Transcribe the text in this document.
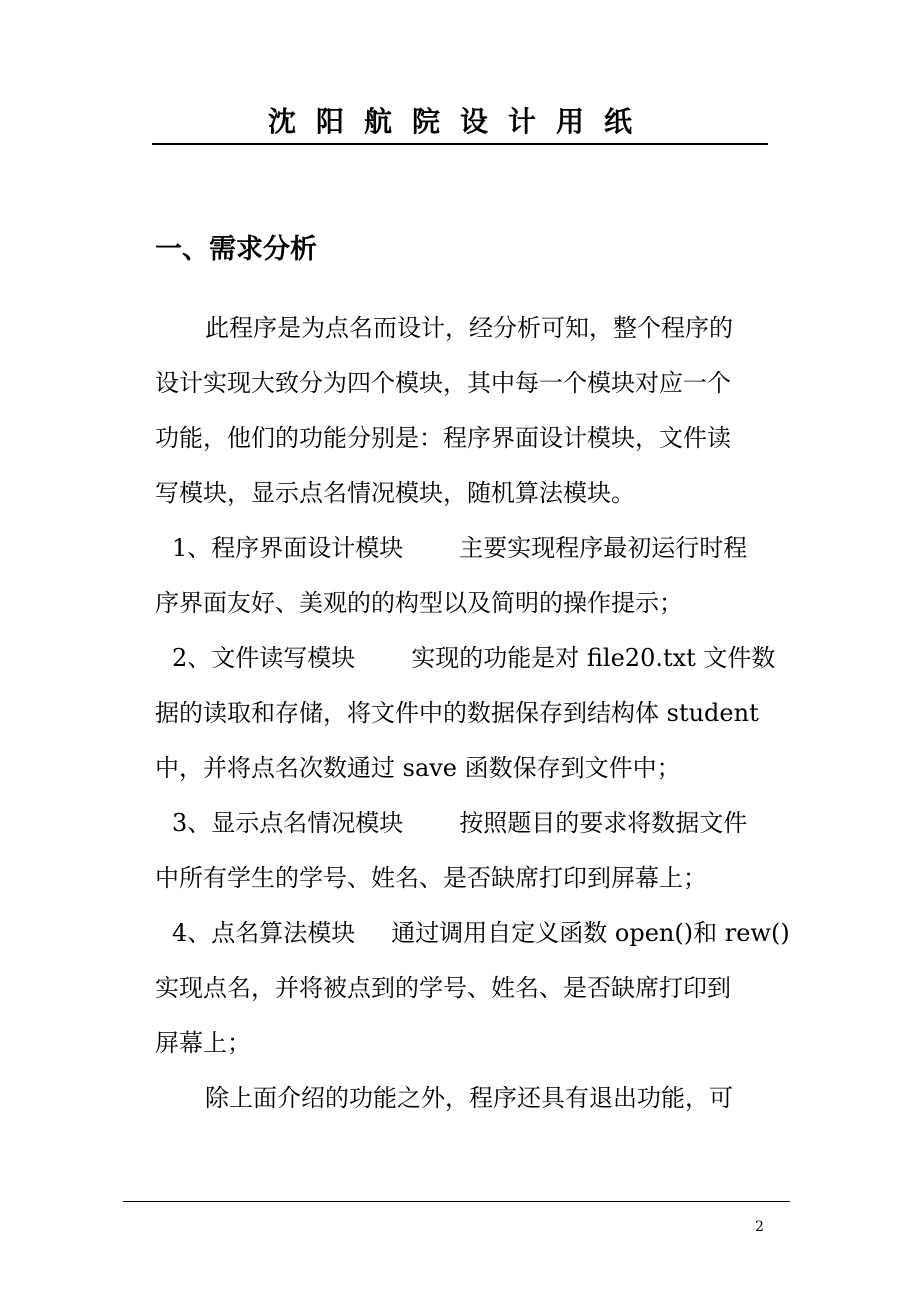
沈阳航院设计用纸
一、需求分析
此程序是为点名而设计，经分析可知，整个程序的
设计实现大致分为四个模块，其中每一个模块对应一个
功能，他们的功能分别是：程序界面设计模块，文件读
写模块，显示点名情况模块，随机算法模块。
1、程序界面设计模块 主要实现程序最初运行时程
序界面友好、美观的的构型以及简明的操作提示；
2、文件读写模块 实现的功能是对 file20.txt 文件数
据的读取和存储，将文件中的数据保存到结构体 student
中，并将点名次数通过 save 函数保存到文件中；
3、显示点名情况模块 按照题目的要求将数据文件
中所有学生的学号、姓名、是否缺席打印到屏幕上；
4、点名算法模块 通过调用自定义函数 open()和 rew()
实现点名，并将被点到的学号、姓名、是否缺席打印到
屏幕上；
除上面介绍的功能之外，程序还具有退出功能，可
2
